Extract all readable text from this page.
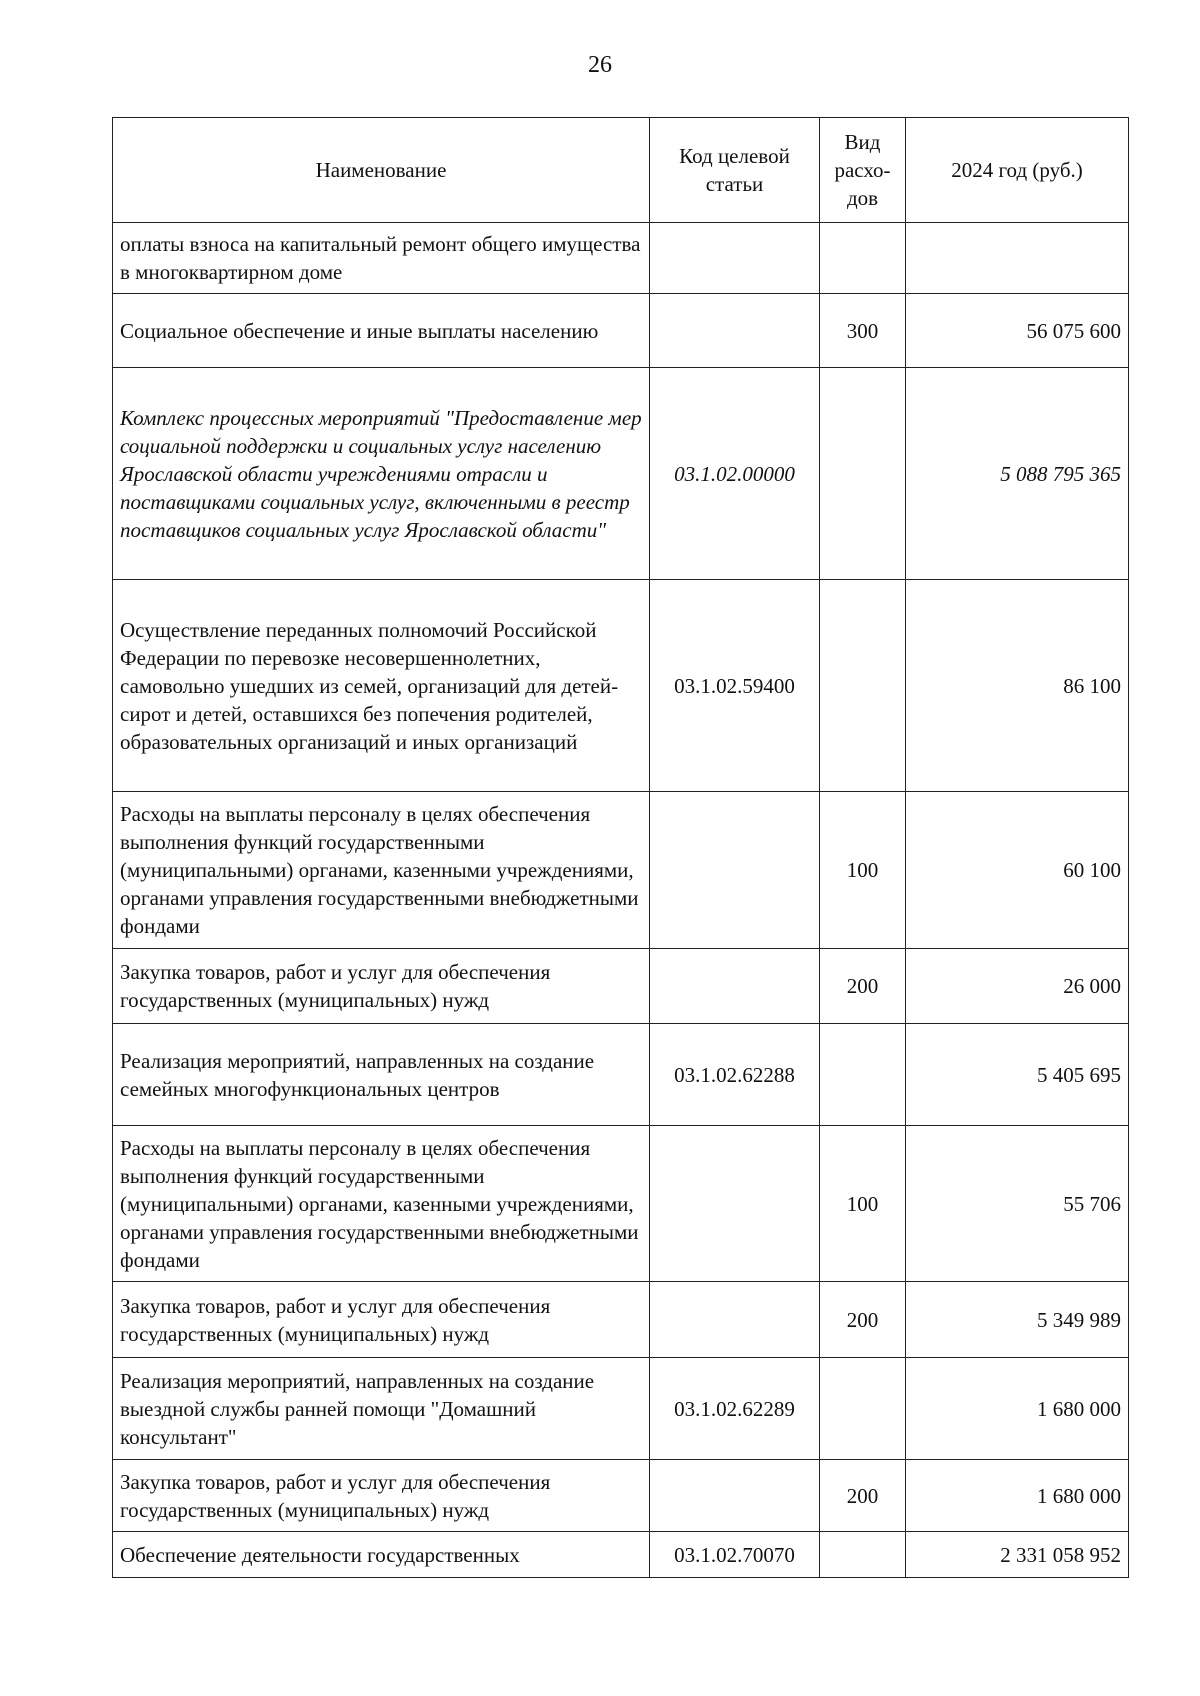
26
Наименование	Код целевой статьи	Вид расхо-дов	2024 год (руб.)
оплаты взноса на капитальный ремонт общего имущества в многоквартирном доме			
Социальное обеспечение и иные выплаты населению		300	56 075 600
Комплекс процессных мероприятий "Предоставление мер социальной поддержки и социальных услуг населению Ярославской области учреждениями отрасли и поставщиками социальных услуг, включенными в реестр поставщиков социальных услуг Ярославской области"	03.1.02.00000		5 088 795 365
Осуществление переданных полномочий Российской Федерации по перевозке несовершеннолетних, самовольно ушедших из семей, организаций для детей-сирот и детей, оставшихся без попечения родителей, образовательных организаций и иных организаций	03.1.02.59400		86 100
Расходы на выплаты персоналу в целях обеспечения выполнения функций государственными (муниципальными) органами, казенными учреждениями, органами управления государственными внебюджетными фондами		100	60 100
Закупка товаров, работ и услуг для обеспечения государственных (муниципальных) нужд		200	26 000
Реализация мероприятий, направленных на создание семейных многофункциональных центров	03.1.02.62288		5 405 695
Расходы на выплаты персоналу в целях обеспечения выполнения функций государственными (муниципальными) органами, казенными учреждениями, органами управления государственными внебюджетными фондами		100	55 706
Закупка товаров, работ и услуг для обеспечения государственных (муниципальных) нужд		200	5 349 989
Реализация мероприятий, направленных на создание выездной службы ранней помощи "Домашний консультант"	03.1.02.62289		1 680 000
Закупка товаров, работ и услуг для обеспечения государственных (муниципальных) нужд		200	1 680 000
Обеспечение деятельности государственных	03.1.02.70070		2 331 058 952
